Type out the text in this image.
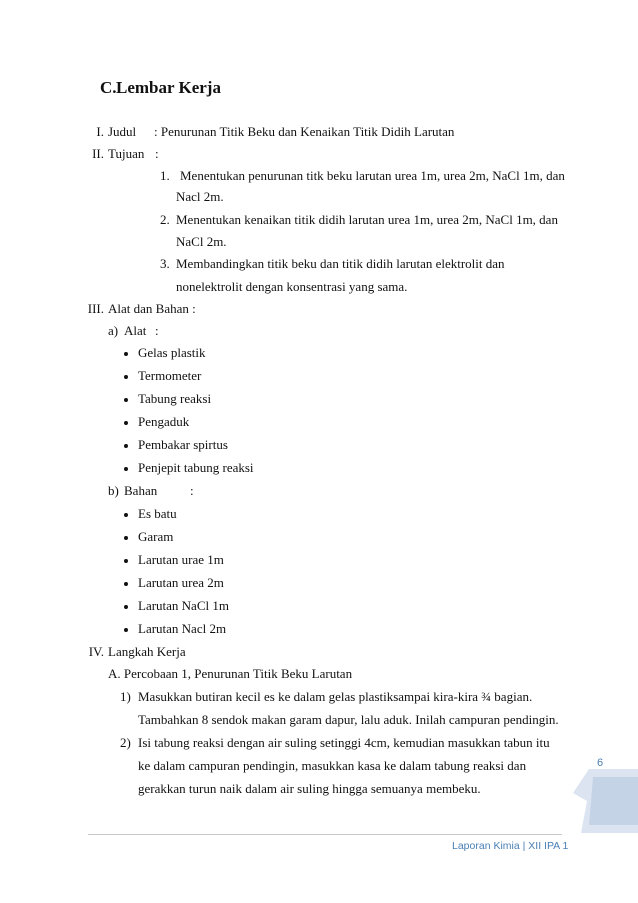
C.Lembar Kerja
I. Judul : Penurunan Titik Beku dan Kenaikan Titik Didih Larutan
II. Tujuan :
1. Menentukan penurunan titk beku larutan urea 1m, urea 2m, NaCl 1m, dan
Nacl 2m.
2. Menentukan kenaikan titik didih larutan urea 1m, urea 2m, NaCl 1m, dan
NaCl 2m.
3. Membandingkan titik beku dan titik didih larutan elektrolit dan
nonelektrolit dengan konsentrasi yang sama.
III. Alat dan Bahan :
a) Alat :
Gelas plastik
Termometer
Tabung reaksi
Pengaduk
Pembakar spirtus
Penjepit tabung reaksi
b) Bahan	:
Es batu
Garam
Larutan urae 1m
Larutan urea 2m
Larutan NaCl 1m
Larutan Nacl 2m
IV. Langkah Kerja
A. Percobaan 1, Penurunan Titik Beku Larutan
1) Masukkan butiran kecil es ke dalam gelas plastiksampai kira-kira ¾ bagian.
Tambahkan 8 sendok makan garam dapur, lalu aduk. Inilah campuran pendingin.
2) Isi tabung reaksi dengan air suling setinggi 4cm, kemudian masukkan tabun itu
ke dalam campuran pendingin, masukkan kasa ke dalam tabung reaksi dan
gerakkan turun naik dalam air suling hingga semuanya membeku.
6
Laporan Kimia | XII IPA 1
